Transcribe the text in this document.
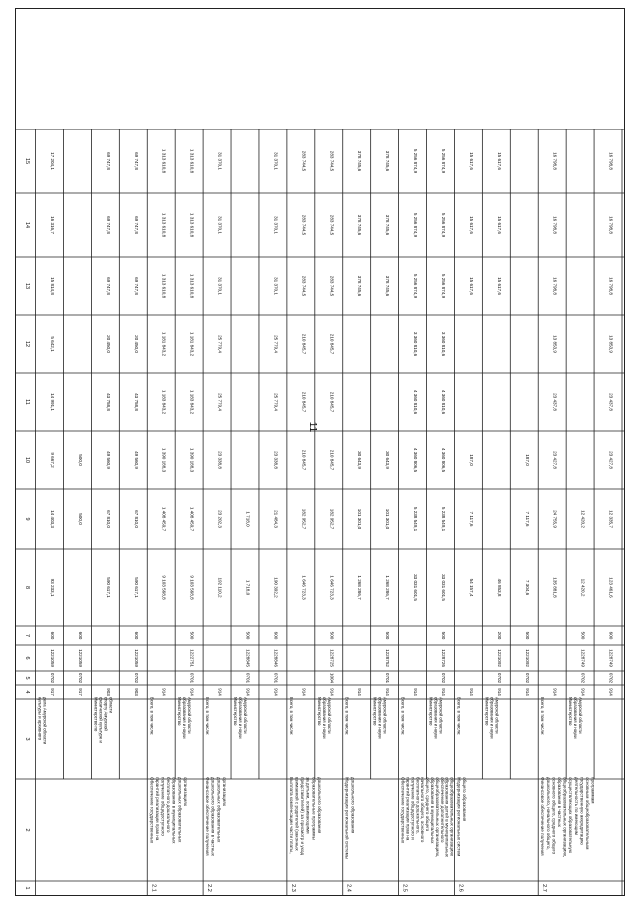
11
1
2
3
4
5
6
7
8
9
10
11
12
13
14
15
культуры и архивного дела Амурской области
917
0702
1221059
600
93 233,1
14 403,3
9 667,2
14 991,1
5 642,1
15 814,8
16 316,7
17 204,1
917
0702
1221059
600
500,0
500,0
Министерство по физической культуре и спорту Амурской области
903
590 617,1
67 810,0
49 560,9
43 758,8
20 450,0
69 747,8
69 747,8
69 747,8
903
0702
1221059
600
590 617,1
67 810,0
49 560,9
43 758,8
20 450,0
69 747,8
69 747,8
69 747,8
2.1
Обеспечение государственных гарантий реализации прав на получение общедоступного бесплатного дошкольного образования в муниципальных дошкольных образовательных организациях
Всего, в том числе:
914
9 103 568,8
1 408 459,7
1 390 188,3
1 183 843,2
1 181 843,2
1 313 610,8
1 313 610,8
1 313 610,8
Министерство образования и науки Амурской области
914
0701
1222751
500
9 103 568,8
1 408 459,7
1 390 188,3
1 183 843,2
1 181 843,2
1 313 610,8
1 313 610,8
1 313 610,8
2.2
Финансовое обеспечение получения дошкольного образования в частных дошкольных образовательных организациях
Всего, в том числе:
914
192 110,2
23 202,3
23 338,8
25 779,4
25 779,4
31 370,1
31 370,1
31 370,1
Министерство образования и науки Амурской области
914
0701
1228845
500
1 718,0
1 718,0
914
0701
1228846
600
190 392,2
21 484,3
23 338,8
25 779,4
25 779,4
31 370,1
31 370,1
31 370,1
2.3
Выплата компенсации части платы, взимаемой с родителей (законных представителей) за присмотр и уход за детьми, осваивающими образовательные программы дошкольного образования
Всего, в том числе:
914
1 646 723,3
182 952,7
210 845,7
210 845,7
210 845,7
283 744,5
283 744,5
283 744,5
Министерство образования и науки Амурской области
914
1004
1228725
500
1 646 723,3
182 952,7
210 845,7
210 845,7
210 845,7
283 744,5
283 744,5
283 744,5
2.4
Модернизация региональной системы дошкольного образования
Всего, в том числе:
914
1 268 286,7
101 301,0
30 643,9
378 745,6
378 745,6
378 745,6
Министерство образования и науки Амурской области
914
0701
1228752
500
1 268 286,7
101 301,0
30 643,9
378 745,6
378 745,6
378 745,6
2.5
Обеспечение государственных гарантий реализации прав на получение общедоступного и бесплатного дошкольного, начального общего, основного общего, среднего общего образования в муниципальных общеобразовательных организациях, обеспечение дополнительного образования детей в муниципальных общеобразовательных организациях
Всего, в том числе:
914
33 031 601,5
5 238 549,1
4 360 806,5
4 360 810,6
3 360 810,6
5 256 874,9
5 256 874,9
5 256 874,9
Министерство образования и науки Амурской области
914
0702
1228726
500
33 031 601,5
5 238 549,1
4 360 806,5
4 360 810,6
3 360 810,6
5 256 874,9
5 256 874,9
5 256 874,9
2.6
Модернизация региональных систем общего образования
Всего, в том числе:
914
54 157,4
7 117,6
187,0
15 617,6
15 617,6
15 617,6
Министерство образования и науки Амурской области
914
0702
1221092
200
46 853,8
15 617,6
15 617,6
15 617,6
914
0702
1221092
500
7 304,6
7 117,6
187,0
2.7
Финансовое обеспечение получения дошкольного, начального общего, основного общего, среднего общего образования в частных общеобразовательных организациях, осуществляющих образовательную деятельность по имеющим государственную аккредитацию основным общеобразовательным программам
Всего, в том числе:
914
135 881,8
24 755,9
23 427,8
23 437,8
13 853,9
16 798,8
16 798,8
16 798,8
Министерство образования и науки Амурской области
914
0702
1228749
500
12 420,2
12 420,2
914
0702
1228749
600
123 461,6
12 335,7
23 427,8
23 437,8
13 853,9
16 798,8
16 798,8
16 798,8
